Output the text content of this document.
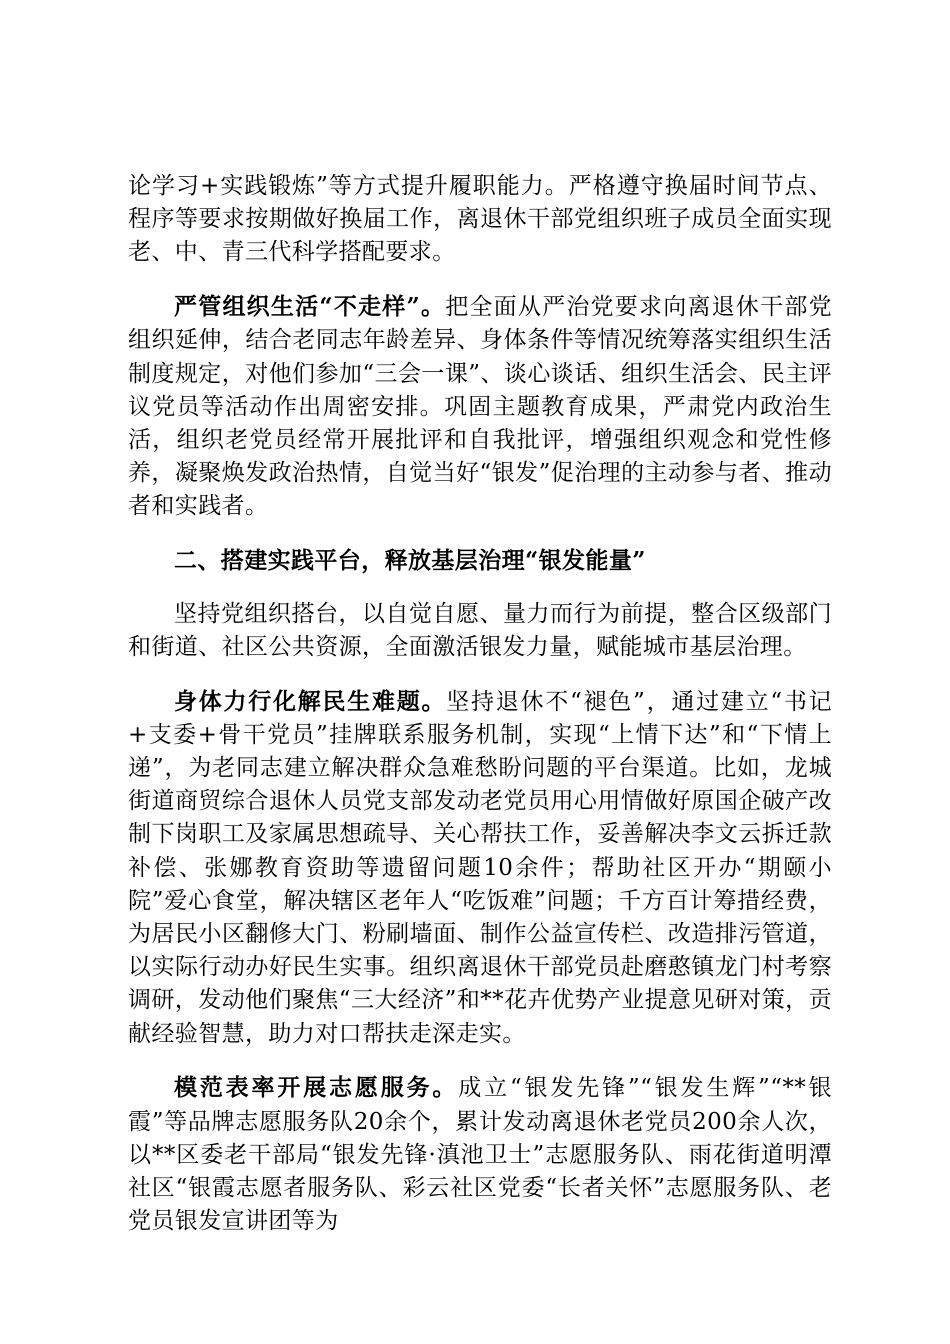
论学习+实践锻炼”等方式提升履职能力。严格遵守换届时间节点、程序等要求按期做好换届工作，离退休干部党组织班子成员全面实现老、中、青三代科学搭配要求。

严管组织生活“不走样”。把全面从严治党要求向离退休干部党组织延伸，结合老同志年龄差异、身体条件等情况统筹落实组织生活制度规定，对他们参加“三会一课”、谈心谈话、组织生活会、民主评议党员等活动作出周密安排。巩固主题教育成果，严肃党内政治生活，组织老党员经常开展批评和自我批评，增强组织观念和党性修养，凝聚焕发政治热情，自觉当好“银发”促治理的主动参与者、推动者和实践者。

二、搭建实践平台，释放基层治理“银发能量”

坚持党组织搭台，以自觉自愿、量力而行为前提，整合区级部门和街道、社区公共资源，全面激活银发力量，赋能城市基层治理。

身体力行化解民生难题。坚持退休不“褪色”，通过建立“书记+支委+骨干党员”挂牌联系服务机制，实现“上情下达”和“下情上递”，为老同志建立解决群众急难愁盼问题的平台渠道。比如，龙城街道商贸综合退休人员党支部发动老党员用心用情做好原国企破产改制下岗职工及家属思想疏导、关心帮扶工作，妥善解决李文云拆迁款补偿、张娜教育资助等遗留问题10余件；帮助社区开办“期颐小院”爱心食堂，解决辖区老年人“吃饭难”问题；千方百计筹措经费，为居民小区翻修大门、粉刷墙面、制作公益宣传栏、改造排污管道，以实际行动办好民生实事。组织离退休干部党员赴磨憨镇龙门村考察调研，发动他们聚焦“三大经济”和**花卉优势产业提意见研对策，贡献经验智慧，助力对口帮扶走深走实。

模范表率开展志愿服务。成立“银发先锋”“银发生辉”“**银霞”等品牌志愿服务队20余个，累计发动离退休老党员200余人次，以**区委老干部局“银发先锋·滇池卫士”志愿服务队、雨花街道明潭社区“银霞志愿者服务队、彩云社区党委“长者关怀”志愿服务队、老党员银发宣讲团等为
